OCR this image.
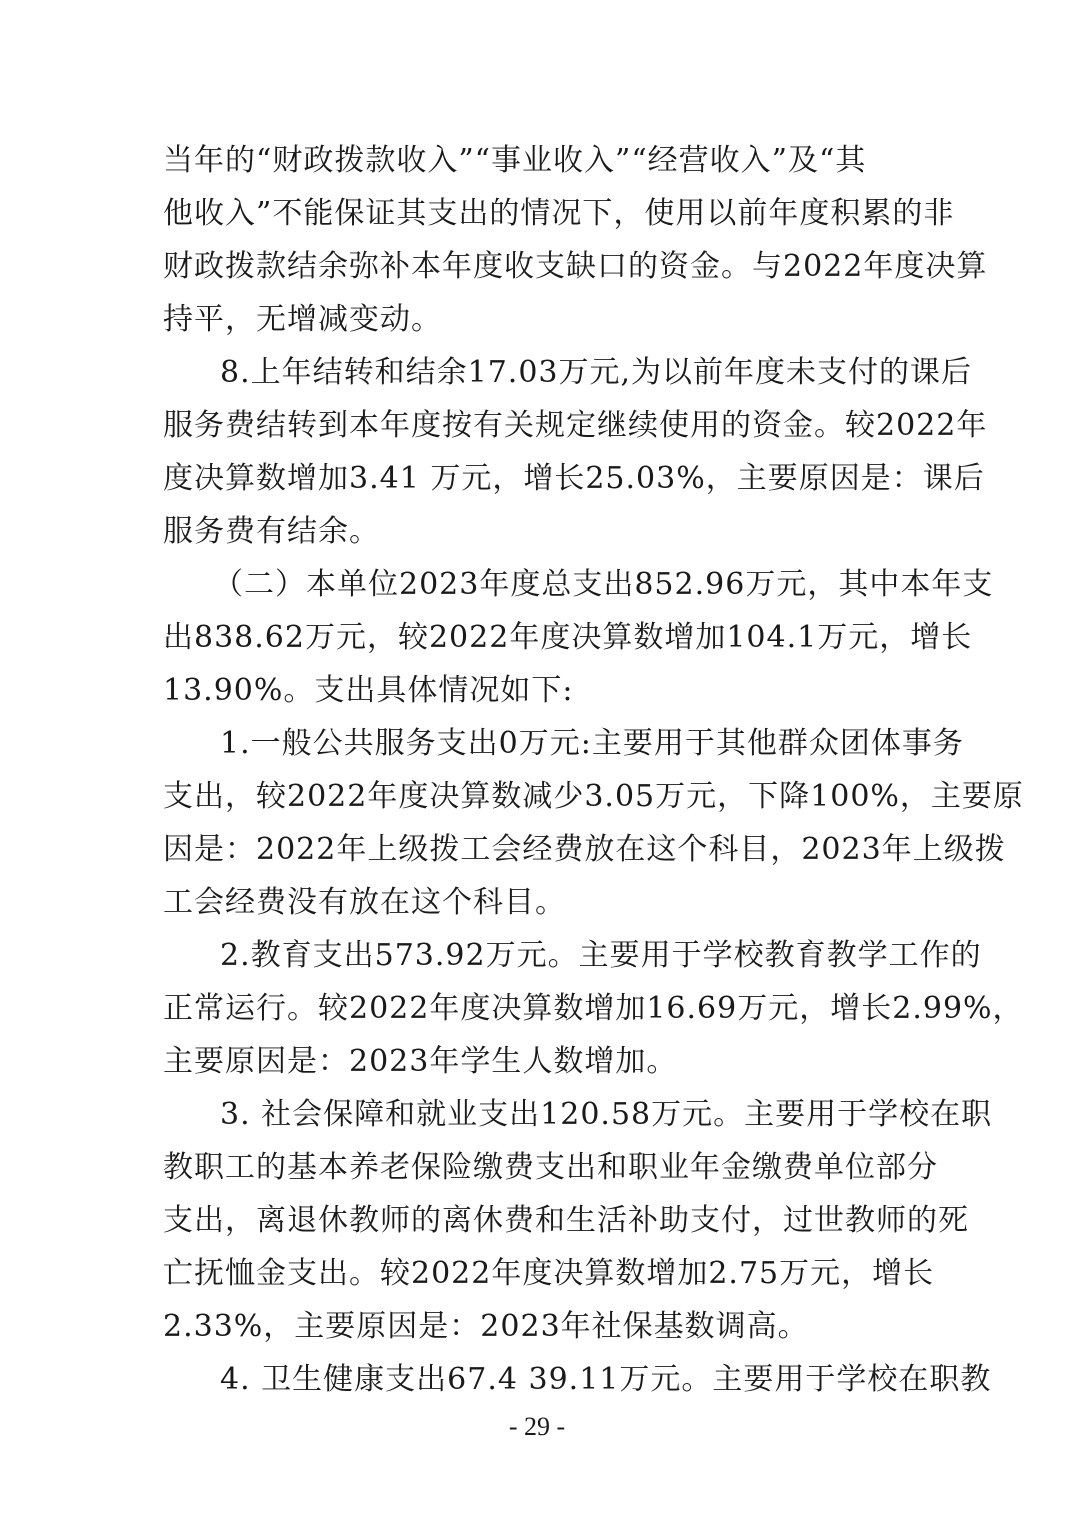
当年的“财政拨款收入”“事业收入”“经营收入”及“其
他收入”不能保证其支出的情况下，使用以前年度积累的非
财政拨款结余弥补本年度收支缺口的资金。与2022年度决算
持平，无增减变动。
8.上年结转和结余17.03万元,为以前年度未支付的课后
服务费结转到本年度按有关规定继续使用的资金。较2022年
度决算数增加3.41 万元，增长25.03%，主要原因是：课后
服务费有结余。
（二）本单位2023年度总支出852.96万元，其中本年支
出838.62万元，较2022年度决算数增加104.1万元，增长
13.90%。支出具体情况如下:
1.一般公共服务支出0万元:主要用于其他群众团体事务
支出，较2022年度决算数减少3.05万元，下降100%，主要原
因是：2022年上级拨工会经费放在这个科目，2023年上级拨
工会经费没有放在这个科目。
2.教育支出573.92万元。主要用于学校教育教学工作的
正常运行。较2022年度决算数增加16.69万元，增长2.99%，
主要原因是：2023年学生人数增加。
3. 社会保障和就业支出120.58万元。主要用于学校在职
教职工的基本养老保险缴费支出和职业年金缴费单位部分
支出，离退休教师的离休费和生活补助支付，过世教师的死
亡抚恤金支出。较2022年度决算数增加2.75万元，增长
2.33%，主要原因是：2023年社保基数调高。
4. 卫生健康支出67.4 39.11万元。主要用于学校在职教
- 29 -
